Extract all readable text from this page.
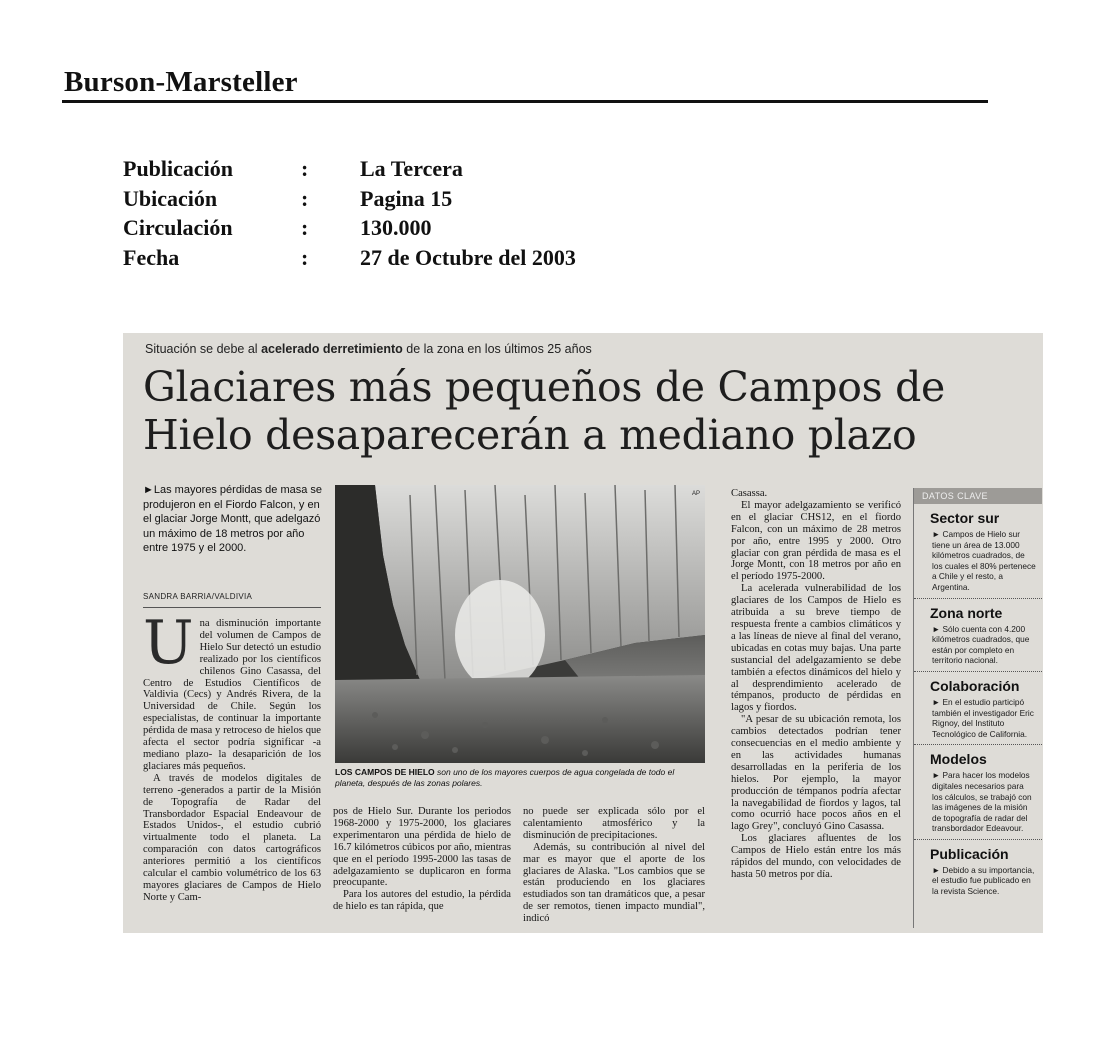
Burson-Marsteller
Publicación	: La Tercera
Ubicación	: Pagina 15
Circulación	: 130.000
Fecha	: 27 de Octubre del 2003
Situación se debe al acelerado derretimiento de la zona en los últimos 25 años
Glaciares más pequeños de Campos de Hielo desaparecerán a mediano plazo
►Las mayores pérdidas de masa se produjeron en el Fiordo Falcon, y en el glaciar Jorge Montt, que adelgazó un máximo de 18 metros por año entre 1975 y el 2000.
SANDRA BARRIA/VALDIVIA
U na disminución importante del volumen de Campos de Hielo Sur detectó un estudio realizado por los científicos chilenos Gino Casassa, del Centro de Estudios Científicos de Valdivia (Cecs) y Andrés Rivera, de la Universidad de Chile. Según los especialistas, de continuar la importante pérdida de masa y retroceso de hielos que afecta el sector podría significar -a mediano plazo- la desaparición de los glaciares más pequeños.

A través de modelos digitales de terreno -generados a partir de la Misión de Topografía de Radar del Transbordador Espacial Endeavour de Estados Unidos-, el estudio cubrió virtualmente todo el planeta. La comparación con datos cartográficos anteriores permitió a los científicos calcular el cambio volumétrico de los 63 mayores glaciares de Campos de Hielo Norte y Cam-

AP
LOS CAMPOS DE HIELO son uno de los mayores cuerpos de agua congelada de todo el planeta, después de las zonas polares.

pos de Hielo Sur. Durante los periodos 1968-2000 y 1975-2000, los glaciares experimentaron una pérdida de hielo de 16.7 kilómetros cúbicos por año, mientras que en el período 1995-2000 las tasas de adelgazamiento se duplicaron en forma preocupante.

Para los autores del estudio, la pérdida de hielo es tan rápida, que

no puede ser explicada sólo por el calentamiento atmosférico y la disminución de precipitaciones.

Además, su contribución al nivel del mar es mayor que el aporte de los glaciares de Alaska. "Los cambios que se están produciendo en los glaciares estudiados son tan dramáticos que, a pesar de ser remotos, tienen impacto mundial", indicó

Casassa.

El mayor adelgazamiento se verificó en el glaciar CHS12, en el fiordo Falcon, con un máximo de 28 metros por año, entre 1995 y 2000. Otro glaciar con gran pérdida de masa es el Jorge Montt, con 18 metros por año en el período 1975-2000.

La acelerada vulnerabilidad de los glaciares de los Campos de Hielo es atribuida a su breve tiempo de respuesta frente a cambios climáticos y a las líneas de nieve al final del verano, ubicadas en cotas muy bajas. Una parte sustancial del adelgazamiento se debe también a efectos dinámicos del hielo y al desprendimiento acelerado de témpanos, producto de pérdidas en lagos y fiordos.

"A pesar de su ubicación remota, los cambios detectados podrían tener consecuencias en el medio ambiente y en las actividades humanas desarrolladas en la periferia de los hielos. Por ejemplo, la mayor producción de témpanos podría afectar la navegabilidad de fiordos y lagos, tal como ocurrió hace pocos años en el lago Grey", concluyó Gino Casassa.

Los glaciares afluentes de los Campos de Hielo están entre los más rápidos del mundo, con velocidades de hasta 50 metros por día.

DATOS CLAVE
Sector sur
► Campos de Hielo sur tiene un área de 13.000 kilómetros cuadrados, de los cuales el 80% pertenece a Chile y el resto, a Argentina.
Zona norte
► Sólo cuenta con 4.200 kilómetros cuadrados, que están por completo en territorio nacional.
Colaboración
► En el estudio participó también el investigador Eric Rignoy, del Instituto Tecnológico de California.
Modelos
► Para hacer los modelos digitales necesarios para los cálculos, se trabajó con las imágenes de la misión de topografía de radar del transbordador Edeavour.
Publicación
► Debido a su importancia, el estudio fue publicado en la revista Science.
